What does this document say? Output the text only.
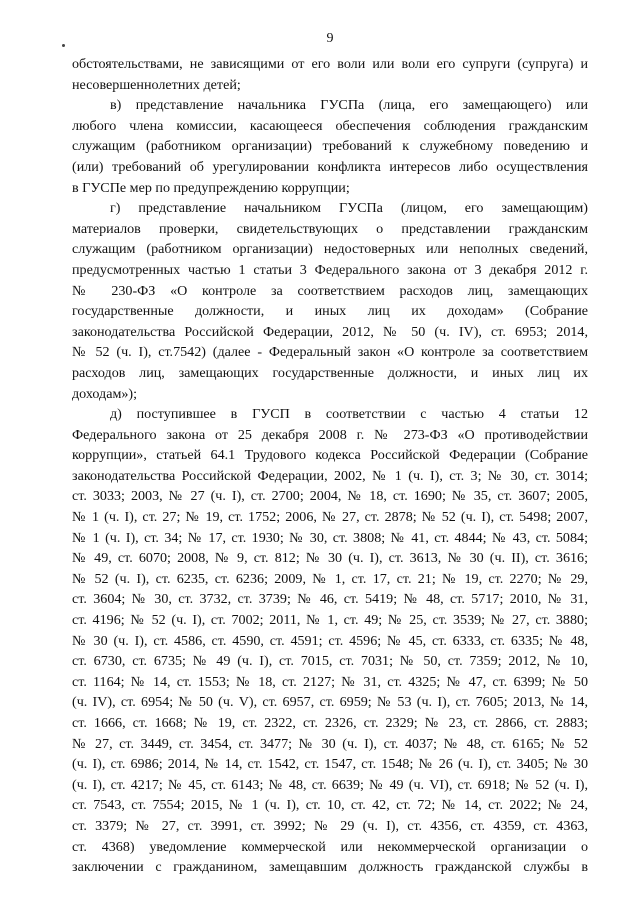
9
обстоятельствами, не зависящими от его воли или воли его супруги (супруга) и
несовершеннолетних детей;
в) представление начальника ГУСПа (лица, его замещающего) или
любого члена комиссии, касающееся обеспечения соблюдения гражданским
служащим (работником организации) требований к служебному поведению и
(или) требований об урегулировании конфликта интересов либо осуществления
в ГУСПе мер по предупреждению коррупции;
г) представление начальником ГУСПа (лицом, его замещающим)
материалов проверки, свидетельствующих о представлении гражданским
служащим (работником организации) недостоверных или неполных сведений,
предусмотренных частью 1 статьи 3 Федерального закона от 3 декабря 2012 г.
№ 230-ФЗ «О контроле за соответствием расходов лиц, замещающих
государственные должности, и иных лиц их доходам» (Собрание
законодательства Российской Федерации, 2012, № 50 (ч. IV), ст. 6953; 2014,
№ 52 (ч. I), ст.7542) (далее - Федеральный закон «О контроле за соответствием
расходов лиц, замещающих государственные должности, и иных лиц их
доходам»);
д) поступившее в ГУСП в соответствии с частью 4 статьи 12
Федерального закона от 25 декабря 2008 г. № 273-ФЗ «О противодействии
коррупции», статьей 64.1 Трудового кодекса Российской Федерации (Собрание
законодательства Российской Федерации, 2002, № 1 (ч. I), ст. 3; № 30, ст. 3014;
ст. 3033; 2003, № 27 (ч. I), ст. 2700; 2004, № 18, ст. 1690; № 35, ст. 3607; 2005,
№ 1 (ч. I), ст. 27; № 19, ст. 1752; 2006, № 27, ст. 2878; № 52 (ч. I), ст. 5498; 2007,
№ 1 (ч. I), ст. 34; № 17, ст. 1930; № 30, ст. 3808; № 41, ст. 4844; № 43, ст. 5084;
№ 49, ст. 6070; 2008, № 9, ст. 812; № 30 (ч. I), ст. 3613, № 30 (ч. II), ст. 3616;
№ 52 (ч. I), ст. 6235, ст. 6236; 2009, № 1, ст. 17, ст. 21; № 19, ст. 2270; № 29,
ст. 3604; № 30, ст. 3732, ст. 3739; № 46, ст. 5419; № 48, ст. 5717; 2010, № 31,
ст. 4196; № 52 (ч. I), ст. 7002; 2011, № 1, ст. 49; № 25, ст. 3539; № 27, ст. 3880;
№ 30 (ч. I), ст. 4586, ст. 4590, ст. 4591; ст. 4596; № 45, ст. 6333, ст. 6335; № 48,
ст. 6730, ст. 6735; № 49 (ч. I), ст. 7015, ст. 7031; № 50, ст. 7359; 2012, № 10,
ст. 1164; № 14, ст. 1553; № 18, ст. 2127; № 31, ст. 4325; № 47, ст. 6399; № 50
(ч. IV), ст. 6954; № 50 (ч. V), ст. 6957, ст. 6959; № 53 (ч. I), ст. 7605; 2013, № 14,
ст. 1666, ст. 1668; № 19, ст. 2322, ст. 2326, ст. 2329; № 23, ст. 2866, ст. 2883;
№ 27, ст. 3449, ст. 3454, ст. 3477; № 30 (ч. I), ст. 4037; № 48, ст. 6165; № 52
(ч. I), ст. 6986; 2014, № 14, ст. 1542, ст. 1547, ст. 1548; № 26 (ч. I), ст. 3405; № 30
(ч. I), ст. 4217; № 45, ст. 6143; № 48, ст. 6639; № 49 (ч. VI), ст. 6918; № 52 (ч. I),
ст. 7543, ст. 7554; 2015, № 1 (ч. I), ст. 10, ст. 42, ст. 72; № 14, ст. 2022; № 24,
ст. 3379; № 27, ст. 3991, ст. 3992; № 29 (ч. I), ст. 4356, ст. 4359, ст. 4363,
ст. 4368) уведомление коммерческой или некоммерческой организации о
заключении с гражданином, замещавшим должность гражданской службы в
